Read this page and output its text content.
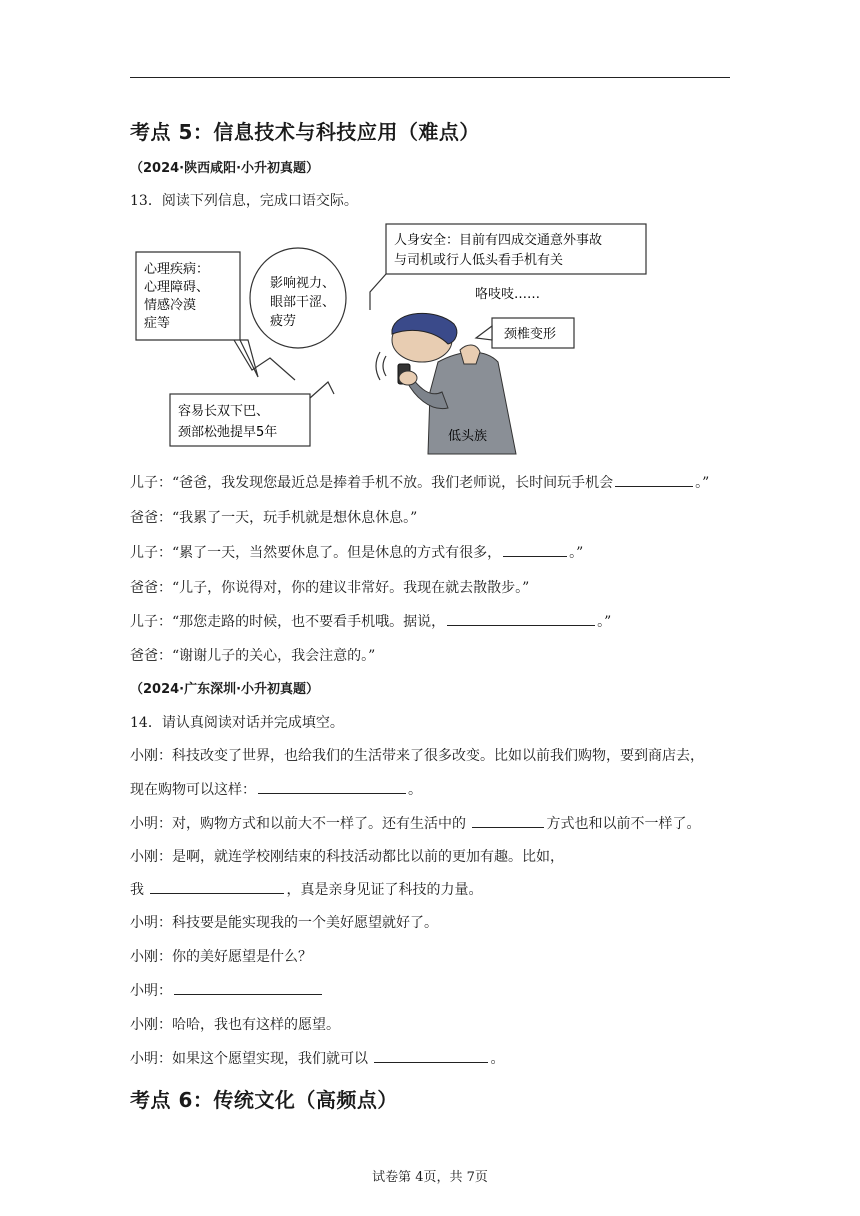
考点 5：信息技术与科技应用（难点）
（2024·陕西咸阳·小升初真题）
13．阅读下列信息，完成口语交际。
心理疾病：
心理障碍、
情感冷漠
症等
影响视力、
眼部干涩、
疲劳
人身安全：目前有四成交通意外事故
与司机或行人低头看手机有关
咯吱吱……
颈椎变形
容易长双下巴、
颈部松弛提早5年	低头族
儿子：“爸爸，我发现您最近总是捧着手机不放。我们老师说，长时间玩手机会	。”
爸爸：“我累了一天，玩手机就是想休息休息。”
儿子：“累了一天，当然要休息了。但是休息的方式有很多，	。”
爸爸：“儿子，你说得对，你的建议非常好。我现在就去散散步。”
儿子：“那您走路的时候，也不要看手机哦。据说，	。”
爸爸：“谢谢儿子的关心，我会注意的。”
（2024·广东深圳·小升初真题）
14．请认真阅读对话并完成填空。
小刚：科技改变了世界，也给我们的生活带来了很多改变。比如以前我们购物，要到商店去，
现在购物可以这样：	。
小明：对，购物方式和以前大不一样了。还有生活中的	方式也和以前不一样了。
小刚：是啊，就连学校刚结束的科技活动都比以前的更加有趣。比如，
我	，真是亲身见证了科技的力量。
小明：科技要是能实现我的一个美好愿望就好了。
小刚：你的美好愿望是什么？
小明：
小刚：哈哈，我也有这样的愿望。
小明：如果这个愿望实现，我们就可以	。
考点 6：传统文化（高频点）
试卷第 4页，共 7页
